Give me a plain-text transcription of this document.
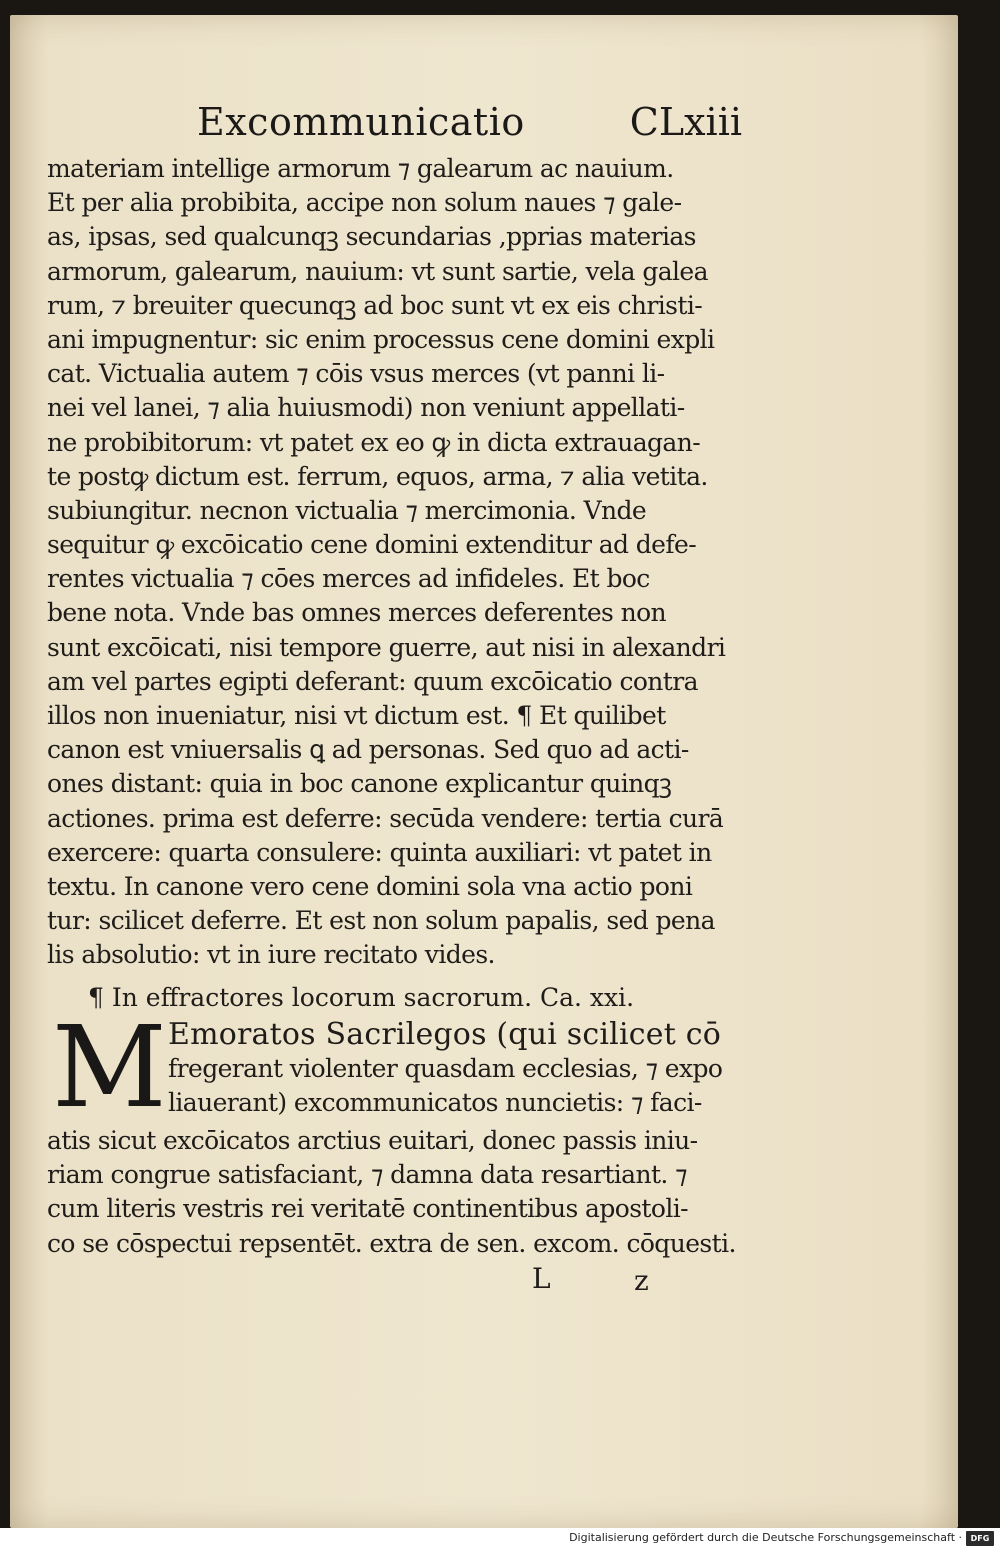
Excommunicatio	CLxiii
materiam intellige armorum ⁊ galearum ac nauium.
Et per alia probibita, accipe non solum naues ⁊ gale-
as, ipsas, sed qualcunqꝫ secundarias ,pprias materias
armorum, galearum, nauium: vt sunt sartie, vela galea
rum, ⁊ breuiter quecunqꝫ ad boc sunt vt ex eis christi-
ani impugnentur: sic enim processus cene domini expli
cat. Victualia autem ⁊ cōis vsus merces (vt panni li-
nei vel lanei, ⁊ alia huiusmodi) non veniunt appellati-
ne probibitorum: vt patet ex eo ꝙ in dicta extrauagan-
te postꝙ dictum est. ferrum, equos, arma, ⁊ alia vetita.
subiungitur. necnon victualia ⁊ mercimonia. Vnde
sequitur ꝙ excōicatio cene domini extenditur ad defe-
rentes victualia ⁊ cōes merces ad infideles. Et boc
bene nota. Vnde bas omnes merces deferentes non
sunt excōicati, nisi tempore guerre, aut nisi in alexandri
am vel partes egipti deferant: quum excōicatio contra
illos non inueniatur, nisi vt dictum est. ¶ Et quilibet
canon est vniuersalis ꝗ ad personas. Sed quo ad acti-
ones distant: quia in boc canone explicantur quinqꝫ
actiones. prima est deferre: secūda vendere: tertia curā
exercere: quarta consulere: quinta auxiliari: vt patet in
textu. In canone vero cene domini sola vna actio poni
tur: scilicet deferre. Et est non solum papalis, sed pena
lis absolutio: vt in iure recitato vides.
¶ In effractores locorum sacrorum. Ca. xxi.
M Emoratos Sacrilegos (qui scilicet cō
fregerant violenter quasdam ecclesias, ⁊ expo
liauerant) excommunicatos nuncietis: ⁊ faci-
atis sicut excōicatos arctius euitari, donec passis iniu-
riam congrue satisfaciant, ⁊ damna data resartiant. ⁊
cum literis vestris rei veritatē continentibus apostoli-
co se cōspectui repsentēt. extra de sen. excom. cōquesti.
L	z
Digitalisierung gefördert durch die Deutsche Forschungsgemeinschaft ·	DFG
